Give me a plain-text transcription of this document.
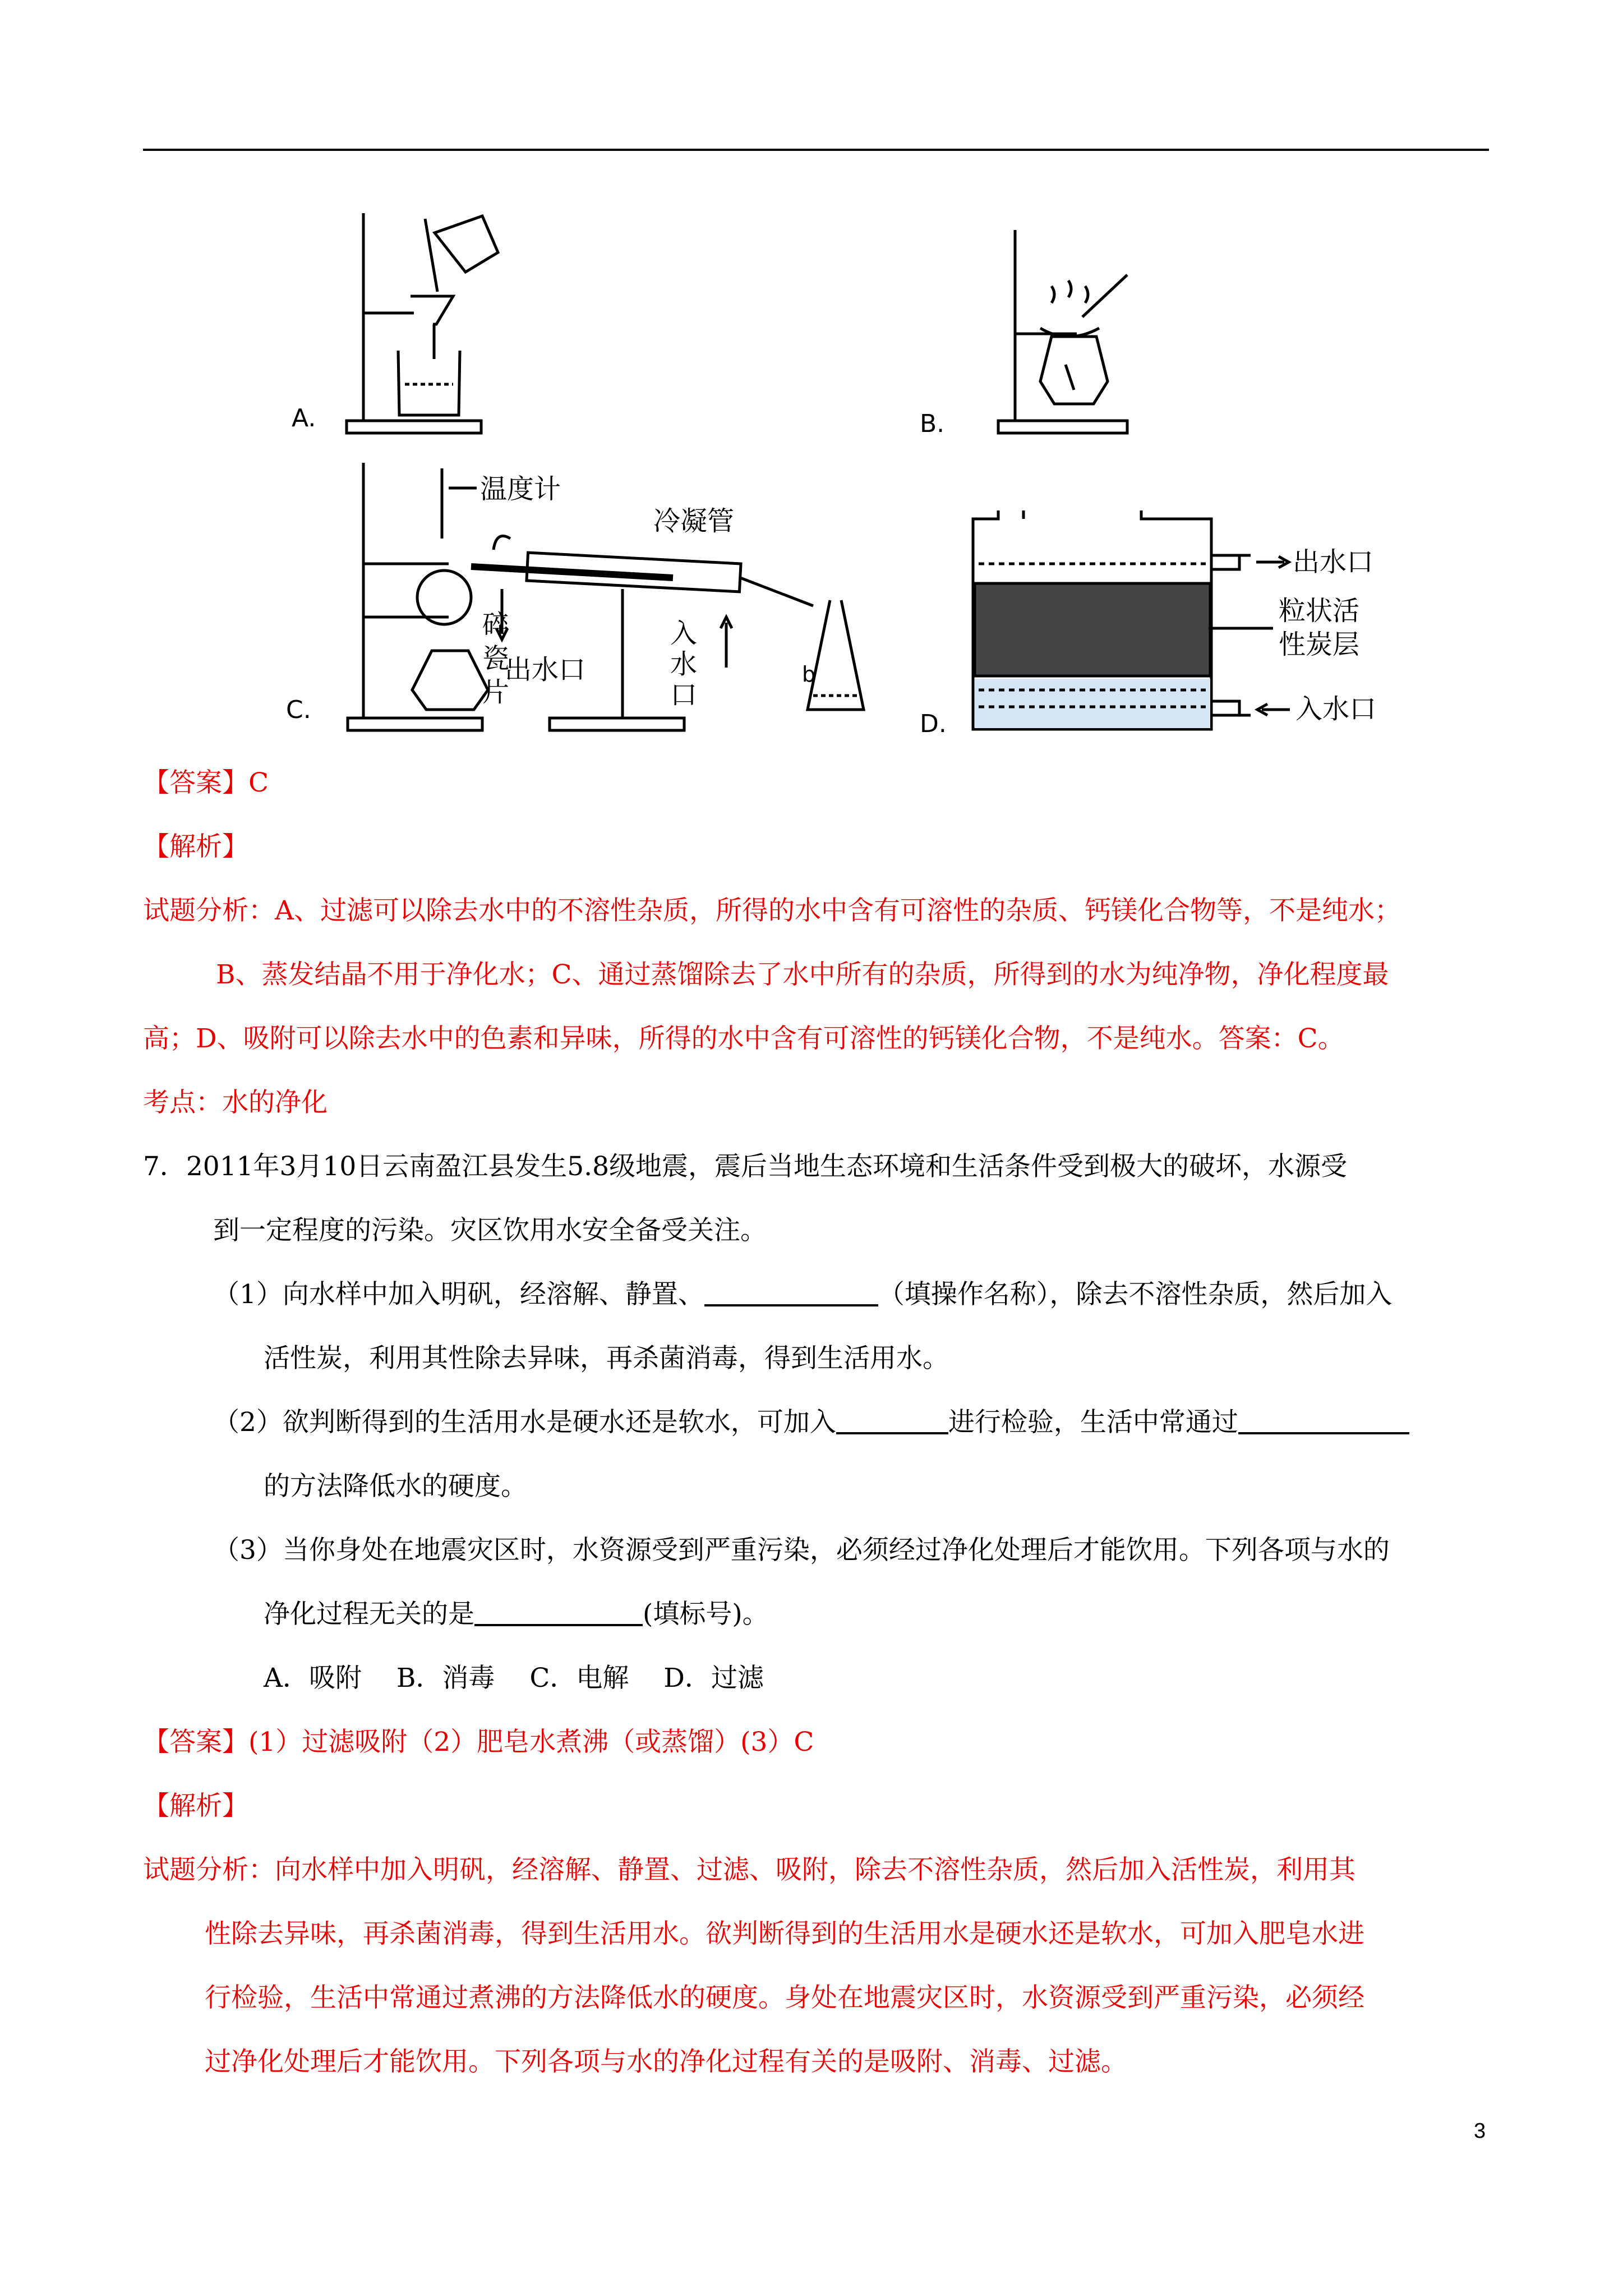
A.	B.
C.
温度计
冷凝管
碎
瓷
片
出水口
入
水
口
b
D.
出水口
粒状活
性炭层
入水口
【答案】C
【解析】
试题分析：A、过滤可以除去水中的不溶性杂质，所得的水中含有可溶性的杂质、钙镁化合物等，不是纯水；
B、蒸发结晶不用于净化水；C、通过蒸馏除去了水中所有的杂质，所得到的水为纯净物，净化程度最
高；D、吸附可以除去水中的色素和异味，所得的水中含有可溶性的钙镁化合物，不是纯水。答案：C。
考点：水的净化
7．2011年3月10日云南盈江县发生5.8级地震，震后当地生态环境和生活条件受到极大的破坏，水源受
到一定程度的污染。灾区饮用水安全备受关注。
（1）向水样中加入明矾，经溶解、静置、	（填操作名称），除去不溶性杂质，然后加入
活性炭，利用其性除去异味，再杀菌消毒，得到生活用水。
（2）欲判断得到的生活用水是硬水还是软水，可加入	进行检验，生活中常通过
的方法降低水的硬度。
（3）当你身处在地震灾区时，水资源受到严重污染，必须经过净化处理后才能饮用。下列各项与水的
净化过程无关的是	(填标号)。
A．吸附　 B．消毒　 C．电解　 D．过滤
【答案】(1）过滤吸附（2）肥皂水煮沸（或蒸馏）(3）C
【解析】
试题分析：向水样中加入明矾，经溶解、静置、过滤、吸附，除去不溶性杂质，然后加入活性炭，利用其
性除去异味，再杀菌消毒，得到生活用水。欲判断得到的生活用水是硬水还是软水，可加入肥皂水进
行检验，生活中常通过煮沸的方法降低水的硬度。身处在地震灾区时，水资源受到严重污染，必须经
过净化处理后才能饮用。下列各项与水的净化过程有关的是吸附、消毒、过滤。
3
